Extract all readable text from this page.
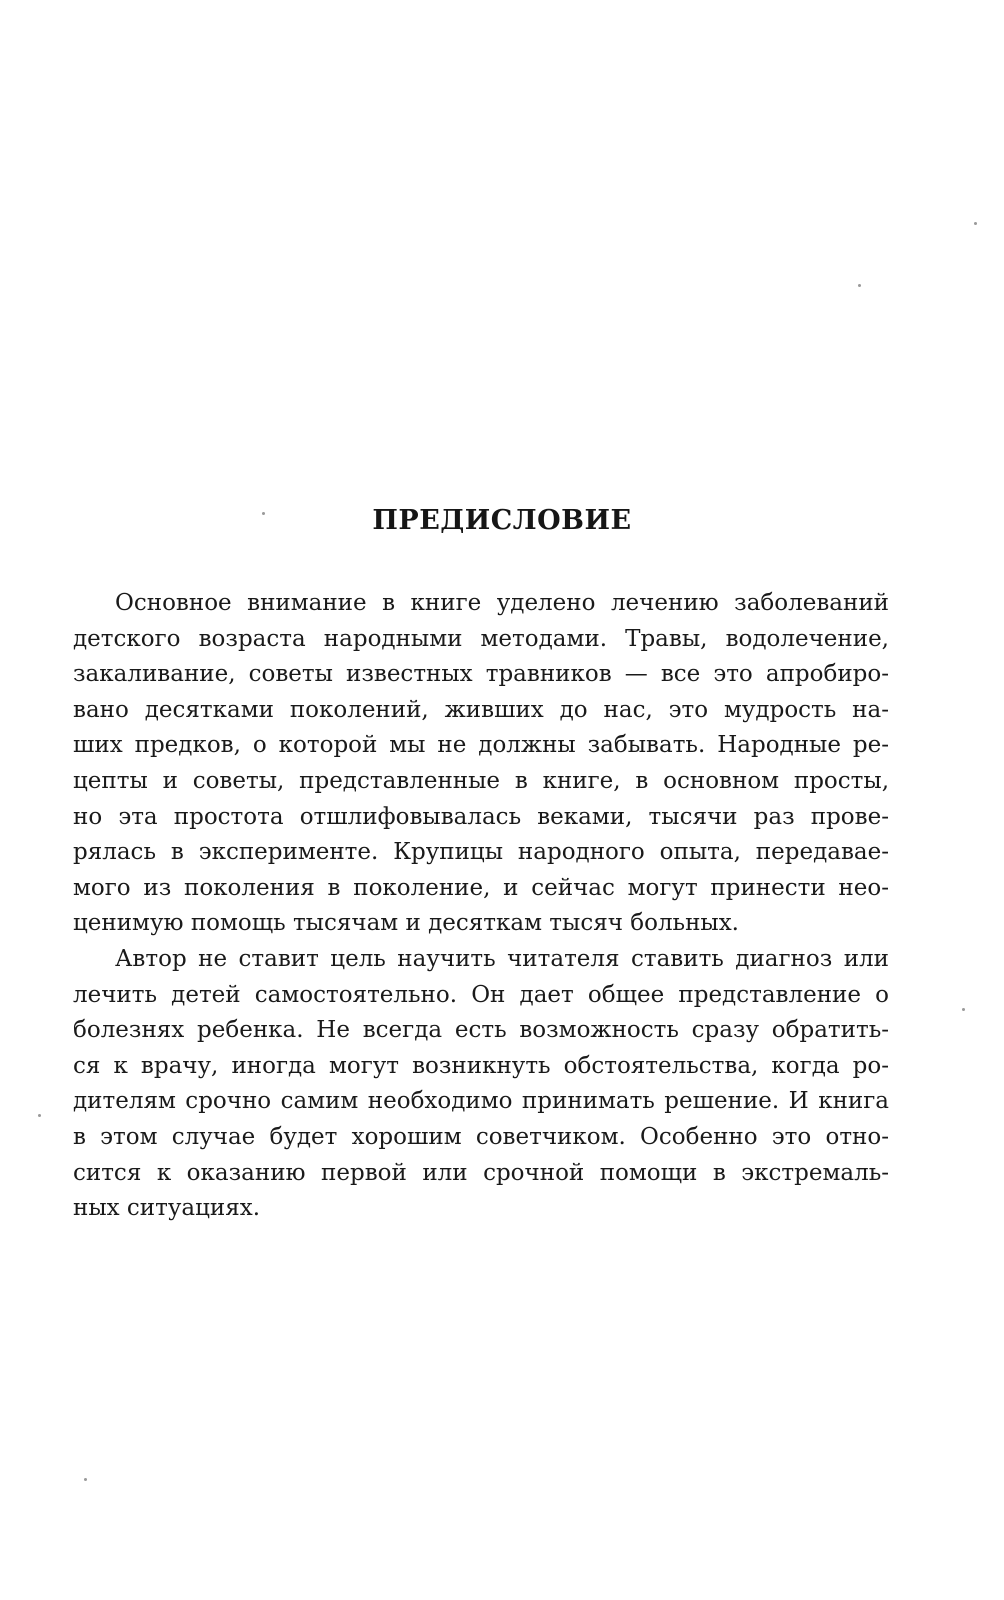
ПРЕДИСЛОВИЕ
Основное внимание в книге уделено лечению заболеваний
детского возраста народными методами. Травы, водолечение,
закаливание, советы известных травников — все это апробиро-
вано десятками поколений, живших до нас, это мудрость на-
ших предков, о которой мы не должны забывать. Народные ре-
цепты и советы, представленные в книге, в основном просты,
но эта простота отшлифовывалась веками, тысячи раз прове-
рялась в эксперименте. Крупицы народного опыта, передавае-
мого из поколения в поколение, и сейчас могут принести нео-
ценимую помощь тысячам и десяткам тысяч больных.
Автор не ставит цель научить читателя ставить диагноз или
лечить детей самостоятельно. Он дает общее представление о
болезнях ребенка. Не всегда есть возможность сразу обратить-
ся к врачу, иногда могут возникнуть обстоятельства, когда ро-
дителям срочно самим необходимо принимать решение. И книга
в этом случае будет хорошим советчиком. Особенно это отно-
сится к оказанию первой или срочной помощи в экстремаль-
ных ситуациях.
